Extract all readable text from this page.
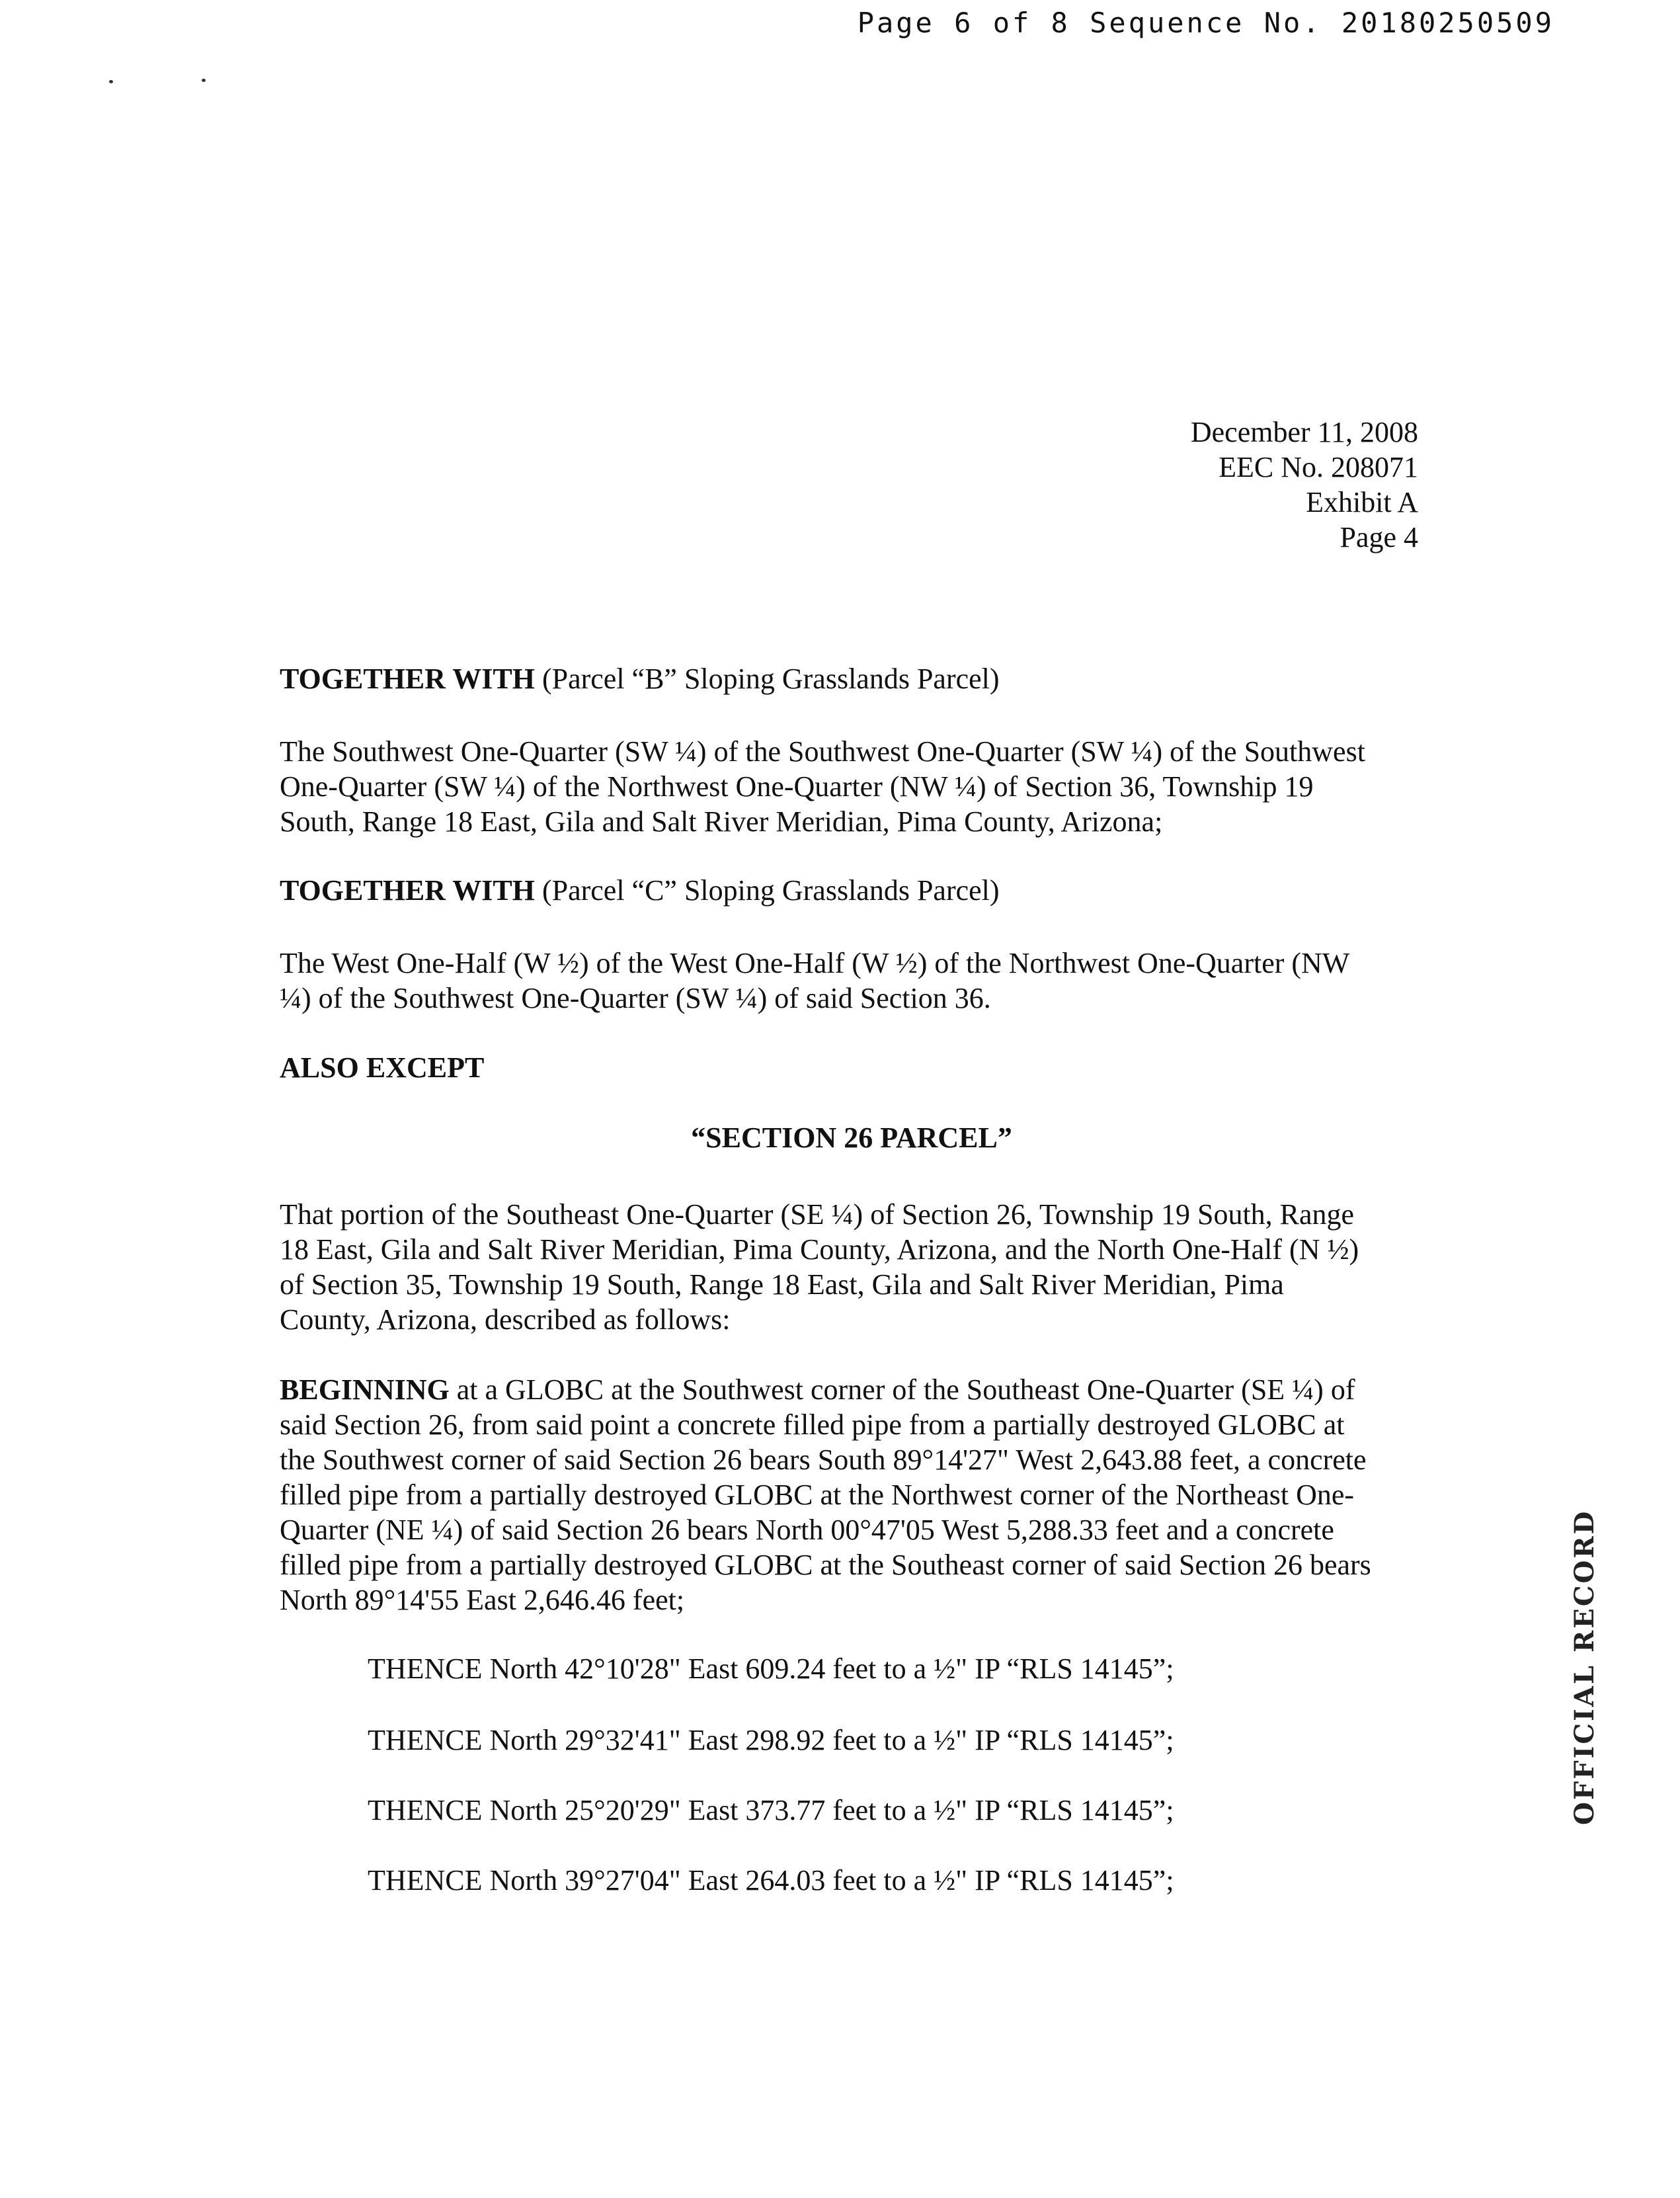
Page 6 of 8 Sequence No. 20180250509
December 11, 2008
EEC No. 208071
Exhibit A
Page 4
TOGETHER WITH (Parcel “B” Sloping Grasslands Parcel)
The Southwest One-Quarter (SW ¼) of the Southwest One-Quarter (SW ¼) of the Southwest
One-Quarter (SW ¼) of the Northwest One-Quarter (NW ¼) of Section 36, Township 19
South, Range 18 East, Gila and Salt River Meridian, Pima County, Arizona;
TOGETHER WITH (Parcel “C” Sloping Grasslands Parcel)
The West One-Half (W ½) of the West One-Half (W ½) of the Northwest One-Quarter (NW
¼) of the Southwest One-Quarter (SW ¼) of said Section 36.
ALSO EXCEPT
“SECTION 26 PARCEL”
That portion of the Southeast One-Quarter (SE ¼) of Section 26, Township 19 South, Range
18 East, Gila and Salt River Meridian, Pima County, Arizona, and the North One-Half (N ½)
of Section 35, Township 19 South, Range 18 East, Gila and Salt River Meridian, Pima
County, Arizona, described as follows:
BEGINNING at a GLOBC at the Southwest corner of the Southeast One-Quarter (SE ¼) of
said Section 26, from said point a concrete filled pipe from a partially destroyed GLOBC at
the Southwest corner of said Section 26 bears South 89°14'27" West 2,643.88 feet, a concrete
filled pipe from a partially destroyed GLOBC at the Northwest corner of the Northeast One-
Quarter (NE ¼) of said Section 26 bears North 00°47'05 West 5,288.33 feet and a concrete
filled pipe from a partially destroyed GLOBC at the Southeast corner of said Section 26 bears
North 89°14'55 East 2,646.46 feet;
THENCE North 42°10'28" East 609.24 feet to a ½" IP “RLS 14145”;
THENCE North 29°32'41" East 298.92 feet to a ½" IP “RLS 14145”;
THENCE North 25°20'29" East 373.77 feet to a ½" IP “RLS 14145”;
THENCE North 39°27'04" East 264.03 feet to a ½" IP “RLS 14145”;
OFFICIAL RECORD
